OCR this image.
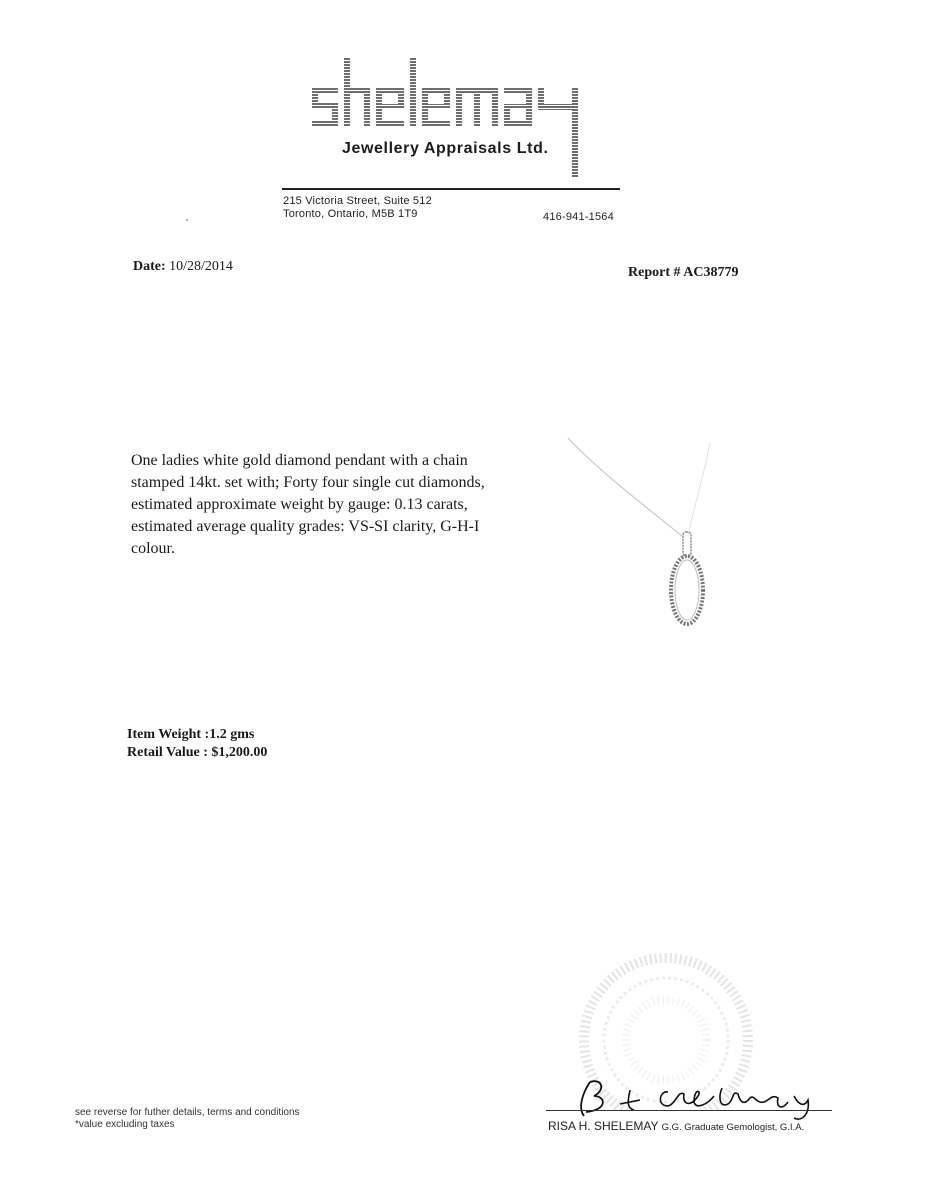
Jewellery Appraisals Ltd.
215 Victoria Street, Suite 512
Toronto, Ontario, M5B 1T9	416-941-1564
Date: 10/28/2014	Report # AC38779
One ladies white gold diamond pendant with a chain stamped 14kt. set with; Forty four single cut diamonds, estimated approximate weight by gauge: 0.13 carats, estimated average quality grades: VS-SI clarity, G-H-I colour.
Item Weight :1.2 gms
Retail Value : $1,200.00
RISA H. SHELEMAY G.G. Graduate Gemologist, G.I.A.
see reverse for futher details, terms and conditions
*value excluding taxes
